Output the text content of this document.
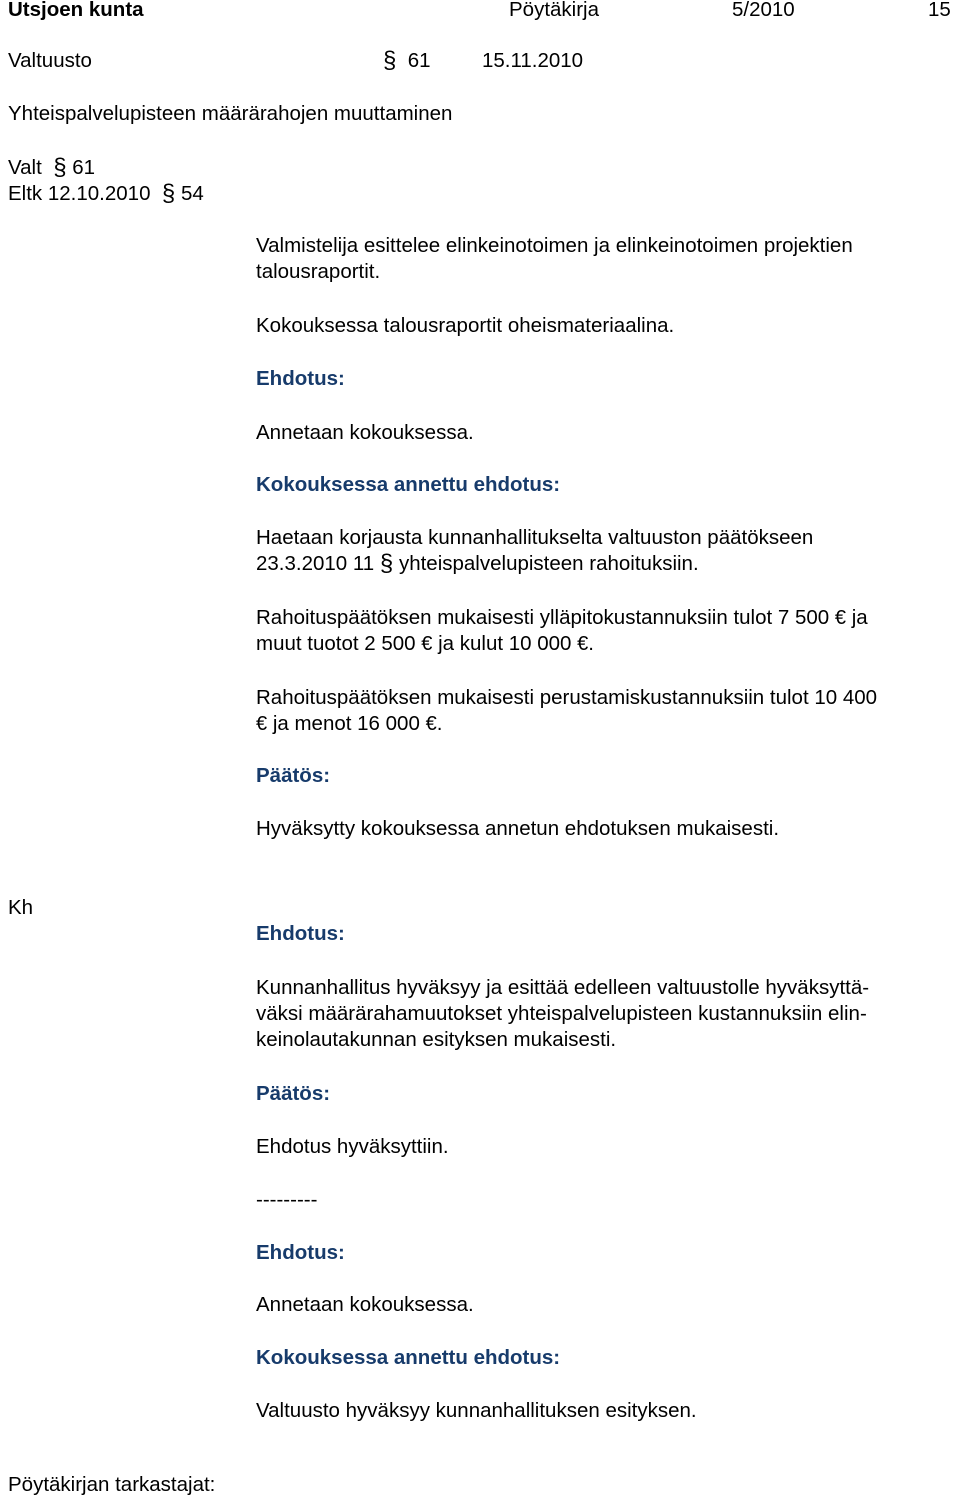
Utsjoen kunta	Pöytäkirja	5/2010	15
Valtuusto	§ 61	15.11.2010
Yhteispalvelupisteen määrärahojen muuttaminen
Valt § 61
Eltk 12.10.2010 § 54
Valmistelija esittelee elinkeinotoimen ja elinkeinotoimen projektien
talousraportit.
Kokouksessa talousraportit oheismateriaalina.
Ehdotus:
Annetaan kokouksessa.
Kokouksessa annettu ehdotus:
Haetaan korjausta kunnanhallitukselta valtuuston päätökseen
23.3.2010 11 § yhteispalvelupisteen rahoituksiin.
Rahoituspäätöksen mukaisesti ylläpitokustannuksiin tulot 7 500 € ja
muut tuotot 2 500 € ja kulut 10 000 €.
Rahoituspäätöksen mukaisesti perustamiskustannuksiin tulot 10 400
€ ja menot 16 000 €.
Päätös:
Hyväksytty kokouksessa annetun ehdotuksen mukaisesti.
Kh
Ehdotus:
Kunnanhallitus hyväksyy ja esittää edelleen valtuustolle hyväksyttä-
väksi määrärahamuutokset yhteispalvelupisteen kustannuksiin elin-
keinolautakunnan esityksen mukaisesti.
Päätös:
Ehdotus hyväksyttiin.
---------
Ehdotus:
Annetaan kokouksessa.
Kokouksessa annettu ehdotus:
Valtuusto hyväksyy kunnanhallituksen esityksen.
Pöytäkirjan tarkastajat:
